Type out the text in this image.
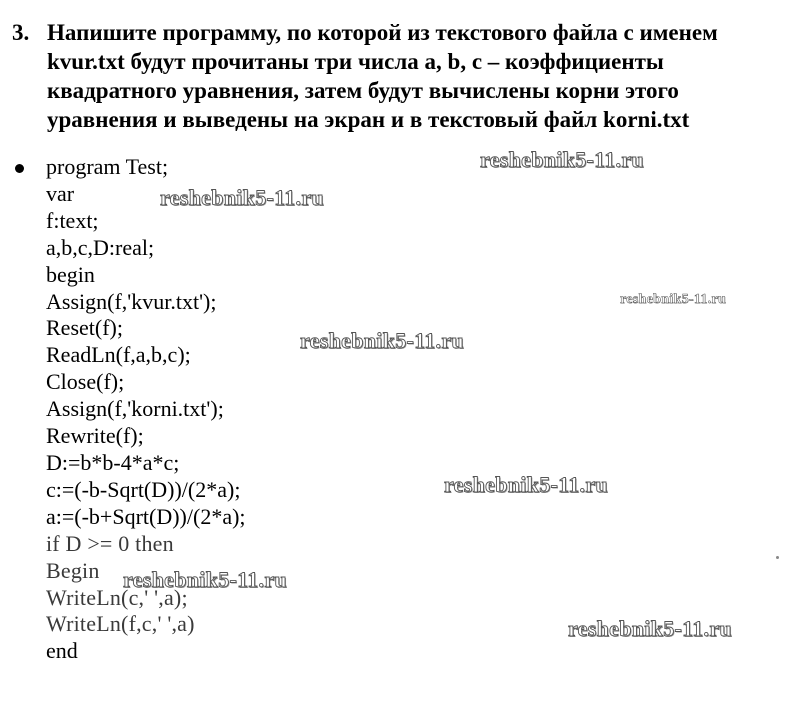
3. Напишите программу, по которой из текстового файла с именем
kvur.txt будут прочитаны три числа a, b, c – коэффициенты
квадратного уравнения, затем будут вычислены корни этого
уравнения и выведены на экран и в текстовый файл korni.txt
program Test;
var
f:text;
a,b,c,D:real;
begin
Assign(f,'kvur.txt');
Reset(f);
ReadLn(f,a,b,c);
Close(f);
Assign(f,'korni.txt');
Rewrite(f);
D:=b*b-4*a*c;
c:=(-b-Sqrt(D))/(2*a);
a:=(-b+Sqrt(D))/(2*a);
if D >= 0 then
Begin
WriteLn(c,' ',a);
WriteLn(f,c,' ',a)
end
reshebnik5-11.ru
reshebnik5-11.ru
reshebnik5-11.ru
reshebnik5-11.ru
reshebnik5-11.ru
reshebnik5-11.ru
reshebnik5-11.ru
